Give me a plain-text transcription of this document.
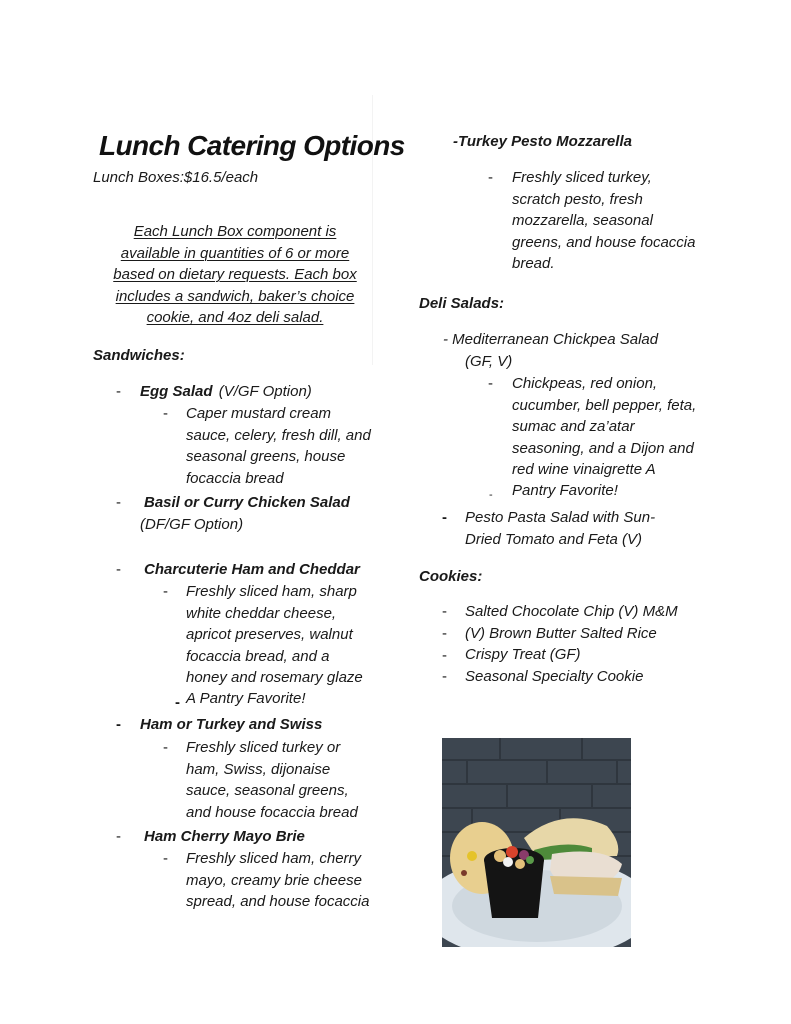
Lunch Catering Options
Lunch Boxes:$16.5/each
Each Lunch Box component is
available in quantities of 6 or more
based on dietary requests. Each box
includes a sandwich, baker’s choice
cookie, and 4oz deli salad.
Sandwiches:
- Egg Salad (V/GF Option)
- Caper mustard cream
sauce, celery, fresh dill, and
seasonal greens, house
focaccia bread
- Basil or Curry Chicken Salad
(DF/GF Option)
- Charcuterie Ham and Cheddar
- Freshly sliced ham, sharp
white cheddar cheese,
apricot preserves, walnut
focaccia bread, and a
honey and rosemary glaze
- A Pantry Favorite!
- Ham or Turkey and Swiss
- Freshly sliced turkey or
ham, Swiss, dijonaise
sauce, seasonal greens,
and house focaccia bread
- Ham Cherry Mayo Brie
- Freshly sliced ham, cherry
mayo, creamy brie cheese
spread, and house focaccia
-Turkey Pesto Mozzarella
- Freshly sliced turkey,
scratch pesto, fresh
mozzarella, seasonal
greens, and house focaccia
bread.
Deli Salads:
- Mediterranean Chickpea Salad
(GF, V)
- Chickpeas, red onion,
cucumber, bell pepper, feta,
sumac and za’atar
seasoning, and a Dijon and
red wine vinaigrette A
- Pantry Favorite!
- Pesto Pasta Salad with Sun-
Dried Tomato and Feta (V)
Cookies:
-
-
-
-
Salted Chocolate Chip (V) M&M
(V) Brown Butter Salted Rice
Crispy Treat (GF)
Seasonal Specialty Cookie
